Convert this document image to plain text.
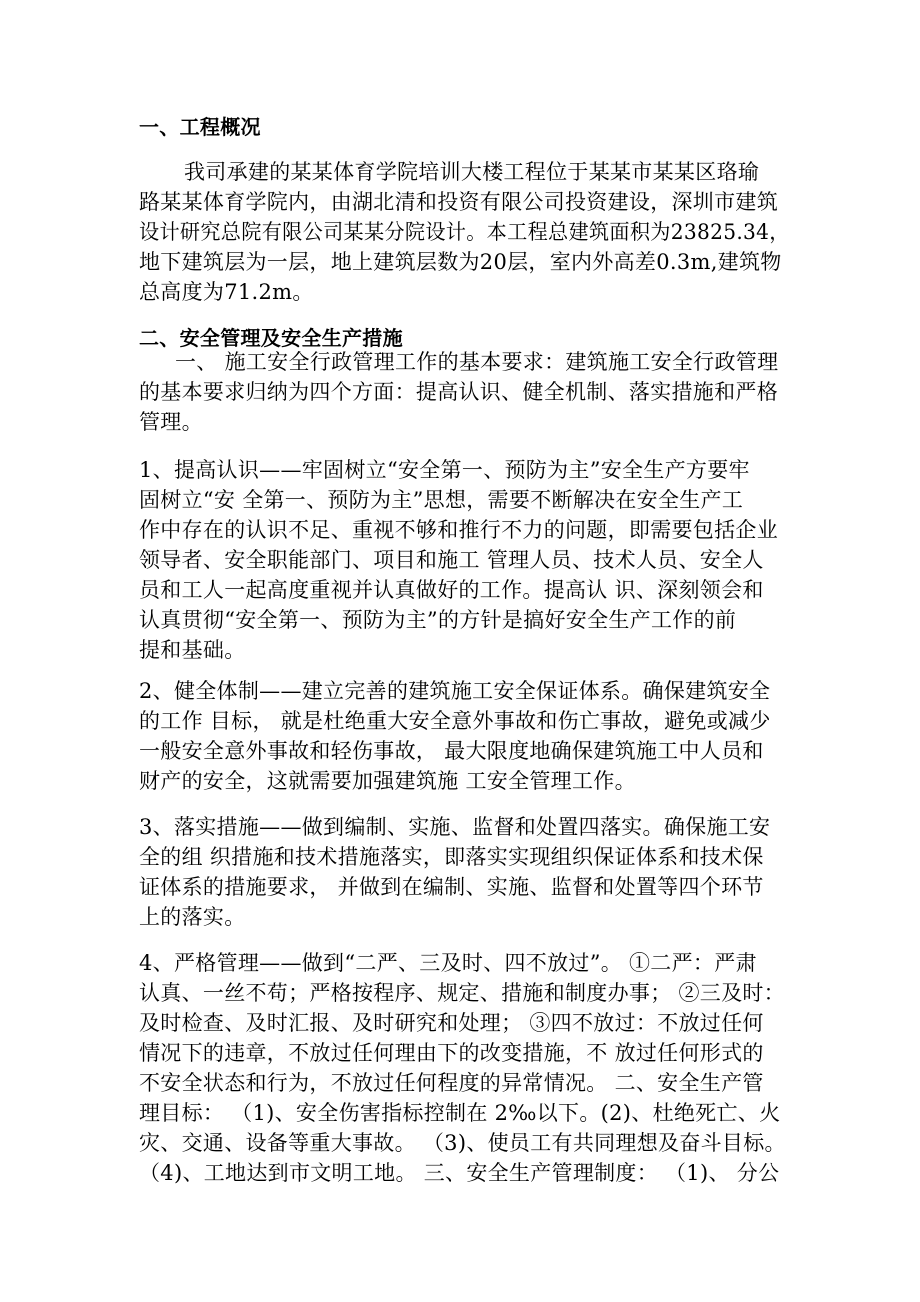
一、工程概况
我司承建的某某体育学院培训大楼工程位于某某市某某区珞瑜
路某某体育学院内，由湖北清和投资有限公司投资建设，深圳市建筑
设计研究总院有限公司某某分院设计。本工程总建筑面积为23825.34，
地下建筑层为一层，地上建筑层数为20层，室内外高差0.3m,建筑物
总高度为71.2m。
二、安全管理及安全生产措施
一、 施工安全行政管理工作的基本要求：建筑施工安全行政管理
的基本要求归纳为四个方面：提高认识、健全机制、落实措施和严格
管理。
1、提高认识——牢固树立“安全第一、预防为主”安全生产方要牢
固树立“安 全第一、预防为主”思想，需要不断解决在安全生产工
作中存在的认识不足、重视不够和推行不力的问题，即需要包括企业
领导者、安全职能部门、项目和施工 管理人员、技术人员、安全人
员和工人一起高度重视并认真做好的工作。提高认 识、深刻领会和
认真贯彻“安全第一、预防为主”的方针是搞好安全生产工作的前
提和基础。
2、健全体制——建立完善的建筑施工安全保证体系。确保建筑安全
的工作 目标， 就是杜绝重大安全意外事故和伤亡事故，避免或减少
一般安全意外事故和轻伤事故， 最大限度地确保建筑施工中人员和
财产的安全，这就需要加强建筑施 工安全管理工作。
3、落实措施——做到编制、实施、监督和处置四落实。确保施工安
全的组 织措施和技术措施落实，即落实实现组织保证体系和技术保
证体系的措施要求， 并做到在编制、实施、监督和处置等四个环节
上的落实。
4、严格管理——做到“二严、三及时、四不放过”。 ①二严：严肃
认真、一丝不苟；严格按程序、规定、措施和制度办事； ②三及时：
及时检查、及时汇报、及时研究和处理； ③四不放过：不放过任何
情况下的违章，不放过任何理由下的改变措施，不 放过任何形式的
不安全状态和行为，不放过任何程度的异常情况。 二、安全生产管
理目标： （1)、安全伤害指标控制在 2‰以下。(2)、杜绝死亡、火
灾、交通、设备等重大事故。 （3)、使员工有共同理想及奋斗目标。
（4)、工地达到市文明工地。 三、安全生产管理制度： （1)、 分公
